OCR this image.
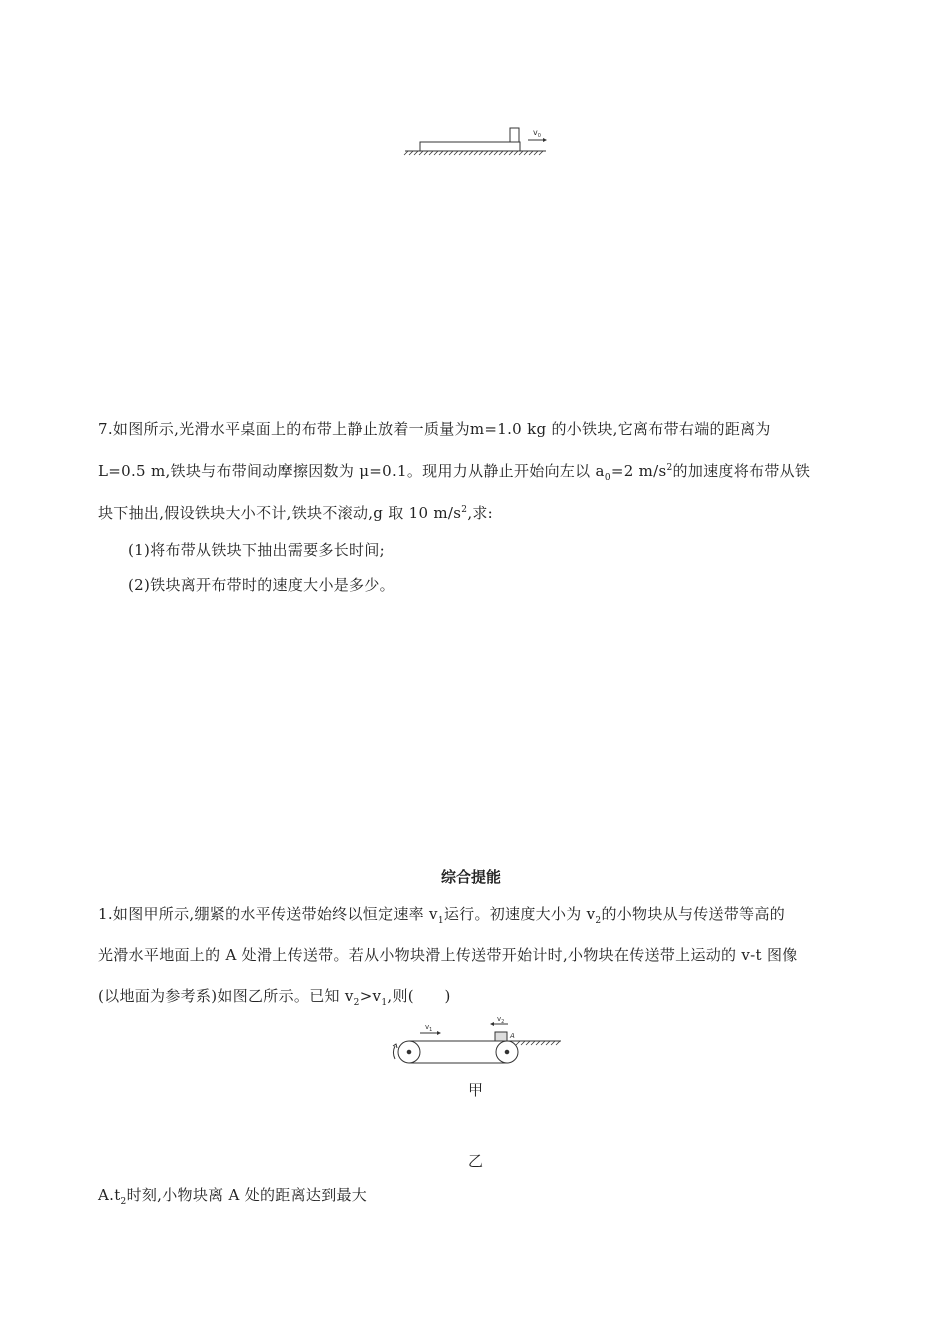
$v_0$
7.如图所示,光滑水平桌面上的布带上静止放着一质量为m=1.0 kg 的小铁块,它离布带右端的距离为
L=0.5 m,铁块与布带间动摩擦因数为 μ=0.1。现用力从静止开始向左以 $a_0=2$ $m/s^2$的加速度将布带从铁
块下抽出,假设铁块大小不计,铁块不滚动,g 取 10 $m/s^2$,求:
(1)将布带从铁块下抽出需要多长时间;
(2)铁块离开布带时的速度大小是多少。
综合提能
1.如图甲所示,绷紧的水平传送带始终以恒定速率 $v_1$运行。初速度大小为 $v_2$的小物块从与传送带等高的
光滑水平地面上的 A 处滑上传送带。若从小物块滑上传送带开始计时,小物块在传送带上运动的 v-t 图像
(以地面为参考系)如图乙所示。已知 $v_2>v_1$,则(　　)
$v_1$
$v_2$
A
甲
乙
$A.t_2$时刻,小物块离 A 处的距离达到最大
